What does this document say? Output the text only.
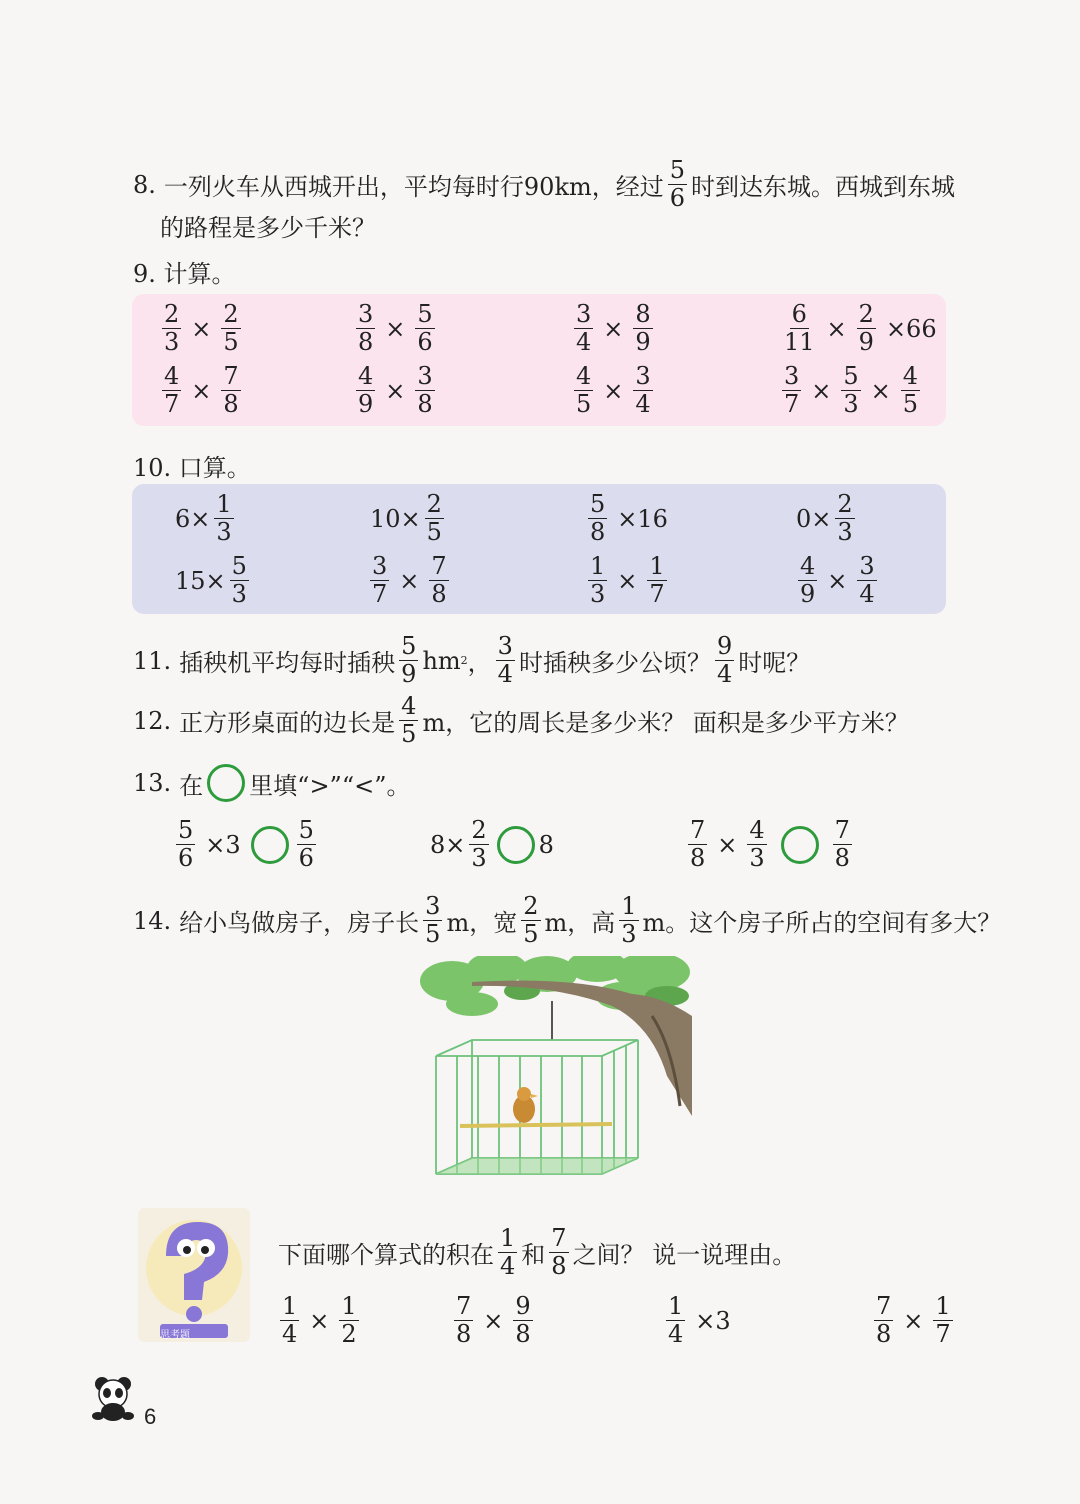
8. 一列火车从西城开出，平均每时行90km，经过 $\frac{5}{6}$ 时到达东城。西城到东城
的路程是多少千米？
9. 计算。
$\frac{2}{3} \times \frac{2}{5}$	$\frac{3}{8} \times \frac{5}{6}$	$\frac{3}{4} \times \frac{8}{9}$	$\frac{6}{11} \times \frac{2}{9} \times 66$
$\frac{4}{7} \times \frac{7}{8}$	$\frac{4}{9} \times \frac{3}{8}$	$\frac{4}{5} \times \frac{3}{4}$	$\frac{3}{7} \times \frac{5}{3} \times \frac{4}{5}$
10. 口算。
$6\times \frac{1}{3}$	$10\times \frac{2}{5}$	$\frac{5}{8} \times 16$	$0\times \frac{2}{3}$
$15\times \frac{5}{3}$	$\frac{3}{7} \times \frac{7}{8}$	$\frac{1}{3} \times \frac{1}{7}$	$\frac{4}{9} \times \frac{3}{4}$
11. 插秧机平均每时插秧 $\frac{5}{9}$ hm 2 ， $\frac{3}{4}$ 时插秧多少公顷？ $\frac{9}{4}$ 时呢？
12. 正方形桌面的边长是 $\frac{4}{5}$ m，它的周长是多少米？ 面积是多少平方米？
13. 在 里填“>”“<”。
$\frac{5}{6} \times 3 \frac{5}{6}$	$8\times \frac{2}{3} 8$	$\frac{7}{8} \times \frac{4}{3}$	$\frac{7}{8}$
14. 给小鸟做房子，房子长 $\frac{3}{5}$ m，宽 $\frac{2}{5}$ m，高 $\frac{1}{3}$ m。这个房子所占的空间有多大？
思考题
下面哪个算式的积在 $\frac{1}{4}$ 和 $\frac{7}{8}$ 之间？ 说一说理由。
$\frac{1}{4} \times \frac{1}{2}$	$\frac{7}{8} \times \frac{9}{8}$	$\frac{1}{4} \times 3$	$\frac{7}{8} \times \frac{1}{7}$
6
